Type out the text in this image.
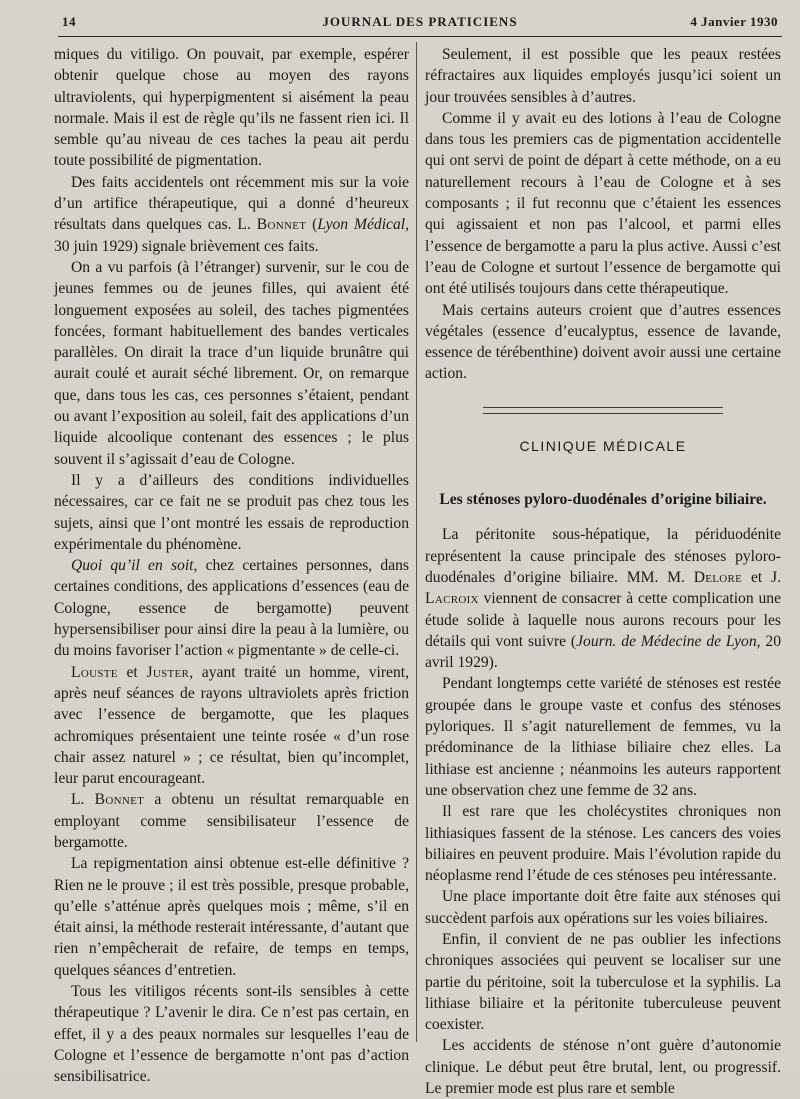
14	JOURNAL DES PRATICIENS	4 Janvier 1930

miques du vitiligo. On pouvait, par exemple, espérer obtenir quelque chose au moyen des rayons ultraviolents, qui hyperpigmentent si aisément la peau normale. Mais il est de règle qu’ils ne fassent rien ici. Il semble qu’au niveau de ces taches la peau ait perdu toute possibilité de pigmentation.

Des faits accidentels ont récemment mis sur la voie d’un artifice thérapeutique, qui a donné d’heureux résultats dans quelques cas. L. Bonnet (Lyon Médical, 30 juin 1929) signale brièvement ces faits.

On a vu parfois (à l’étranger) survenir, sur le cou de jeunes femmes ou de jeunes filles, qui avaient été longuement exposées au soleil, des taches pigmentées foncées, formant habituellement des bandes verticales parallèles. On dirait la trace d’un liquide brunâtre qui aurait coulé et aurait séché librement. Or, on remarque que, dans tous les cas, ces personnes s’étaient, pendant ou avant l’exposition au soleil, fait des applications d’un liquide alcoolique contenant des essences ; le plus souvent il s’agissait d’eau de Cologne.

Il y a d’ailleurs des conditions individuelles nécessaires, car ce fait ne se produit pas chez tous les sujets, ainsi que l’ont montré les essais de reproduction expérimentale du phénomène.

Quoi qu’il en soit, chez certaines personnes, dans certaines conditions, des applications d’essences (eau de Cologne, essence de bergamotte) peuvent hypersensibiliser pour ainsi dire la peau à la lumière, ou du moins favoriser l’action « pigmentante » de celle-ci.

Louste et Juster, ayant traité un homme, virent, après neuf séances de rayons ultraviolets après friction avec l’essence de bergamotte, que les plaques achromiques présentaient une teinte rosée « d’un rose chair assez naturel » ; ce résultat, bien qu’incomplet, leur parut encourageant.

L. Bonnet a obtenu un résultat remarquable en employant comme sensibilisateur l’essence de bergamotte.

La repigmentation ainsi obtenue est-elle définitive ? Rien ne le prouve ; il est très possible, presque probable, qu’elle s’atténue après quelques mois ; même, s’il en était ainsi, la méthode resterait intéressante, d’autant que rien n’empêcherait de refaire, de temps en temps, quelques séances d’entretien.

Tous les vitiligos récents sont-ils sensibles à cette thérapeutique ? L’avenir le dira. Ce n’est pas certain, en effet, il y a des peaux normales sur lesquelles l’eau de Cologne et l’essence de bergamotte n’ont pas d’action sensibilisatrice.

Seulement, il est possible que les peaux restées réfractaires aux liquides employés jusqu’ici soient un jour trouvées sensibles à d’autres.

Comme il y avait eu des lotions à l’eau de Cologne dans tous les premiers cas de pigmentation accidentelle qui ont servi de point de départ à cette méthode, on a eu naturellement recours à l’eau de Cologne et à ses composants ; il fut reconnu que c’étaient les essences qui agissaient et non pas l’alcool, et parmi elles l’essence de bergamotte a paru la plus active. Aussi c’est l’eau de Cologne et surtout l’essence de bergamotte qui ont été utilisés toujours dans cette thérapeutique.

Mais certains auteurs croient que d’autres essences végétales (essence d’eucalyptus, essence de lavande, essence de térébenthine) doivent avoir aussi une certaine action.

CLINIQUE MÉDICALE
Les sténoses pyloro-duodénales d’origine biliaire.

La péritonite sous-hépatique, la périduodénite représentent la cause principale des sténoses pyloro-duodénales d’origine biliaire. MM. M. Delore et J. Lacroix viennent de consacrer à cette complication une étude solide à laquelle nous aurons recours pour les détails qui vont suivre (Journ. de Médecine de Lyon, 20 avril 1929).

Pendant longtemps cette variété de sténoses est restée groupée dans le groupe vaste et confus des sténoses pyloriques. Il s’agit naturellement de femmes, vu la prédominance de la lithiase biliaire chez elles. La lithiase est ancienne ; néanmoins les auteurs rapportent une observation chez une femme de 32 ans.

Il est rare que les cholécystites chroniques non lithiasiques fassent de la sténose. Les cancers des voies biliaires en peuvent produire. Mais l’évolution rapide du néoplasme rend l’étude de ces sténoses peu intéressante.

Une place importante doit être faite aux sténoses qui succèdent parfois aux opérations sur les voies biliaires.

Enfin, il convient de ne pas oublier les infections chroniques associées qui peuvent se localiser sur une partie du péritoine, soit la tuberculose et la syphilis. La lithiase biliaire et la péritonite tuberculeuse peuvent coexister.

Les accidents de sténose n’ont guère d’autonomie clinique. Le début peut être brutal, lent, ou progressif. Le premier mode est plus rare et semble
